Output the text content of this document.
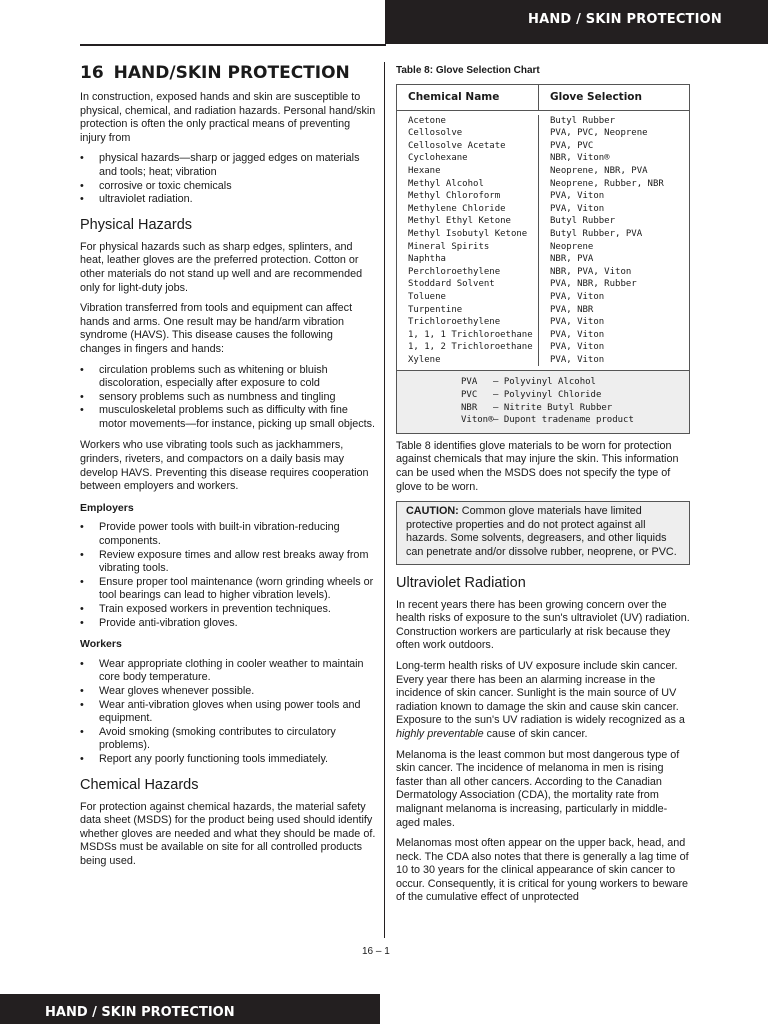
HAND / SKIN PROTECTION
16 HAND/SKIN PROTECTION

In construction, exposed hands and skin are susceptible to physical, chemical, and radiation hazards. Personal hand/skin protection is often the only practical means of preventing injury from

• physical hazards—sharp or jagged edges on materials and tools; heat; vibration
• corrosive or toxic chemicals
• ultraviolet radiation.
Physical Hazards

For physical hazards such as sharp edges, splinters, and heat, leather gloves are the preferred protection. Cotton or other materials do not stand up well and are recommended only for light-duty jobs.

Vibration transferred from tools and equipment can affect hands and arms. One result may be hand/arm vibration syndrome (HAVS). This disease causes the following changes in fingers and hands:

• circulation problems such as whitening or bluish discoloration, especially after exposure to cold
• sensory problems such as numbness and tingling
• musculoskeletal problems such as difficulty with fine motor movements—for instance, picking up small objects.

Workers who use vibrating tools such as jackhammers, grinders, riveters, and compactors on a daily basis may develop HAVS. Preventing this disease requires cooperation between employers and workers.

Employers
• Provide power tools with built-in vibration-reducing components.
• Review exposure times and allow rest breaks away from vibrating tools.
• Ensure proper tool maintenance (worn grinding wheels or tool bearings can lead to higher vibration levels).
• Train exposed workers in prevention techniques.
• Provide anti-vibration gloves.
Workers
• Wear appropriate clothing in cooler weather to maintain core body temperature.
• Wear gloves whenever possible.
• Wear anti-vibration gloves when using power tools and equipment.
• Avoid smoking (smoking contributes to circulatory problems).
• Report any poorly functioning tools immediately.
Chemical Hazards

For protection against chemical hazards, the material safety data sheet (MSDS) for the product being used should identify whether gloves are needed and what they should be made of. MSDSs must be available on site for all controlled products being used.

Table 8: Glove Selection Chart
Chemical Name	Glove Selection
Acetone	Butyl Rubber
Cellosolve	PVA, PVC, Neoprene
Cellosolve Acetate	PVA, PVC
Cyclohexane	NBR, Viton®
Hexane	Neoprene, NBR, PVA
Methyl Alcohol	Neoprene, Rubber, NBR
Methyl Chloroform	PVA, Viton
Methylene Chloride	PVA, Viton
Methyl Ethyl Ketone	Butyl Rubber
Methyl Isobutyl Ketone	Butyl Rubber, PVA
Mineral Spirits	Neoprene
Naphtha	NBR, PVA
Perchloroethylene	NBR, PVA, Viton
Stoddard Solvent	PVA, NBR, Rubber
Toluene	PVA, Viton
Turpentine	PVA, NBR
Trichloroethylene	PVA, Viton
1, 1, 1 Trichloroethane	PVA, Viton
1, 1, 2 Trichloroethane	PVA, Viton
Xylene	PVA, Viton
PVA	– Polyvinyl Alcohol
PVC	– Polyvinyl Chloride
NBR	– Nitrite Butyl Rubber
Viton® – Dupont tradename product

Table 8 identifies glove materials to be worn for protection against chemicals that may injure the skin. This information can be used when the MSDS does not specify the type of glove to be worn.

CAUTION: Common glove materials have limited protective properties and do not protect against all hazards. Some solvents, degreasers, and other liquids can penetrate and/or dissolve rubber, neoprene, or PVC.
Ultraviolet Radiation

In recent years there has been growing concern over the health risks of exposure to the sun's ultraviolet (UV) radiation. Construction workers are particularly at risk because they often work outdoors.

Long-term health risks of UV exposure include skin cancer. Every year there has been an alarming increase in the incidence of skin cancer. Sunlight is the main source of UV radiation known to damage the skin and cause skin cancer. Exposure to the sun's UV radiation is widely recognized as a highly preventable cause of skin cancer.

Melanoma is the least common but most dangerous type of skin cancer. The incidence of melanoma in men is rising faster than all other cancers. According to the Canadian Dermatology Association (CDA), the mortality rate from malignant melanoma is increasing, particularly in middle-aged males.

Melanomas most often appear on the upper back, head, and neck. The CDA also notes that there is generally a lag time of 10 to 30 years for the clinical appearance of skin cancer to occur. Consequently, it is critical for young workers to beware of the cumulative effect of unprotected

16 – 1
HAND / SKIN PROTECTION
